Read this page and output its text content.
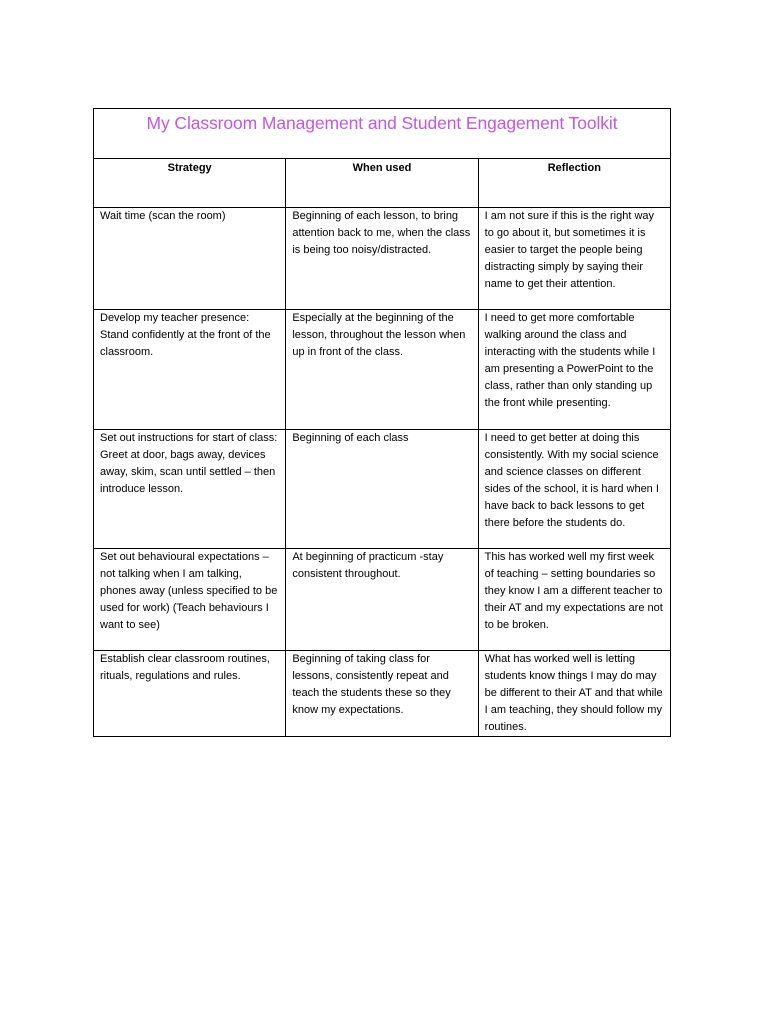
My Classroom Management and Student Engagement Toolkit		

Strategy	When used	Reflection

Wait time (scan the room)	Beginning of each lesson, to bring attention back to me, when the class is being too noisy/distracted.	I am not sure if this is the right way to go about it, but sometimes it is easier to target the people being distracting simply by saying their name to get their attention.

Develop my teacher presence: Stand confidently at the front of the classroom.	Especially at the beginning of the lesson, throughout the lesson when up in front of the class.	I need to get more comfortable walking around the class and interacting with the students while I am presenting a PowerPoint to the class, rather than only standing up the front while presenting.

Set out instructions for start of class: Greet at door, bags away, devices away, skim, scan until settled – then introduce lesson.	Beginning of each class	I need to get better at doing this consistently. With my social science and science classes on different sides of the school, it is hard when I have back to back lessons to get there before the students do.

Set out behavioural expectations – not talking when I am talking, phones away (unless specified to be used for work) (Teach behaviours I want to see)	At beginning of practicum -stay consistent throughout.	This has worked well my first week of teaching – setting boundaries so they know I am a different teacher to their AT and my expectations are not to be broken.

Establish clear classroom routines, rituals, regulations and rules.	Beginning of taking class for lessons, consistently repeat and teach the students these so they know my expectations.	What has worked well is letting students know things I may do may be different to their AT and that while I am teaching, they should follow my routines.
